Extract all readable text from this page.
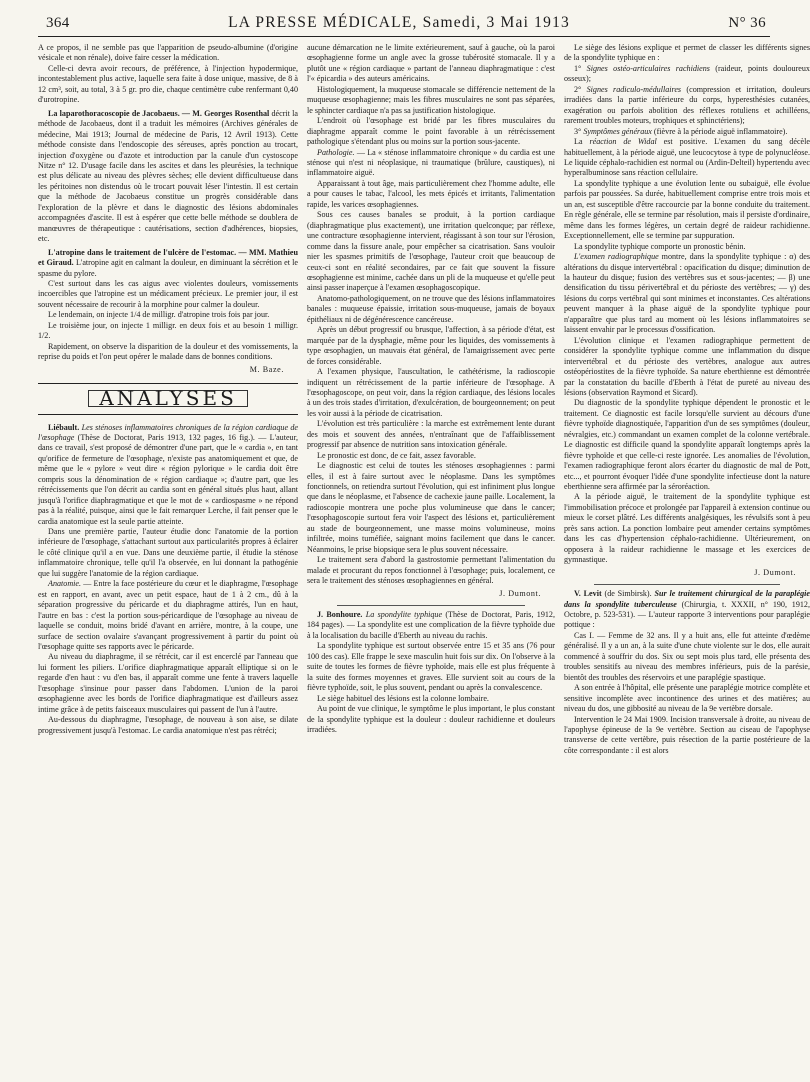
364	LA PRESSE MÉDICALE, Samedi, 3 Mai 1913	N° 36

A ce propos, il ne semble pas que l'apparition de pseudo-albumine (d'origine vésicale et non rénale), doive faire cesser la médication.

Celle-ci devra avoir recours, de préférence, à l'injection hypodermique, incontestablement plus active, laquelle sera faite à dose unique, massive, de 8 à 12 cm³, soit, au total, 3 à 5 gr. pro die, chaque centimètre cube renfermant 0,40 d'urotropine.

La laparothoracoscopie de Jacobaeus. — M. Georges Rosenthal décrit la méthode de Jacobaeus, dont il a traduit les mémoires (Archives générales de médecine, Mai 1913; Journal de médecine de Paris, 12 Avril 1913). Cette méthode consiste dans l'endoscopie des séreuses, après ponction au trocart, injection d'oxygène ou d'azote et introduction par la canule d'un cystoscope Nitze n° 12. D'usage facile dans les ascites et dans les pleurésies, la technique est plus délicate au niveau des plèvres sèches; elle devient difficultueuse dans les péritoines non distendus où le trocart pouvait léser l'intestin. Il est certain que la méthode de Jacobaeus constitue un progrès considérable dans l'exploration de la plèvre et dans le diagnostic des lésions abdominales accompagnées d'ascite. Il est à espérer que cette belle méthode se doublera de manœuvres de thérapeutique : cautérisations, section d'adhérences, biopsies, etc.

L'atropine dans le traitement de l'ulcère de l'estomac. — MM. Mathieu et Giraud. L'atropine agit en calmant la douleur, en diminuant la sécrétion et le spasme du pylore.

C'est surtout dans les cas aigus avec violentes douleurs, vomissements incoercibles que l'atropine est un médicament précieux. Le premier jour, il est souvent nécessaire de recourir à la morphine pour calmer la douleur.

Le lendemain, on injecte 1/4 de milligr. d'atropine trois fois par jour.

Le troisième jour, on injecte 1 milligr. en deux fois et au besoin 1 milligr. 1/2.

Rapidement, on observe la disparition de la douleur et des vomissements, la reprise du poids et l'on peut opérer le malade dans de bonnes conditions.

M. Baze.

ANALYSES

Liébault. Les sténoses inflammatoires chroniques de la région cardiaque de l'œsophage (Thèse de Doctorat, Paris 1913, 132 pages, 16 fig.). — L'auteur, dans ce travail, s'est proposé de démontrer d'une part, que le « cardia », en tant qu'orifice de fermeture de l'œsophage, n'existe pas anatomiquement et que, de même que le « pylore » veut dire « région pylorique » le cardia doit être compris sous la dénomination de « région cardiaque »; d'autre part, que les rétrécissements que l'on décrit au cardia sont en général situés plus haut, allant jusqu'à l'orifice diaphragmatique et que le mot de « cardiospasme » ne répond pas à la réalité, puisque, ainsi que le fait remarquer Lerche, il fait penser que le cardia anatomique est la seule partie atteinte.

Dans une première partie, l'auteur étudie donc l'anatomie de la portion inférieure de l'œsophage, s'attachant surtout aux particularités propres à éclairer le côté clinique qu'il a en vue. Dans une deuxième partie, il étudie la sténose inflammatoire chronique, telle qu'il l'a observée, en lui donnant la pathogénie que lui suggère l'anatomie de la région cardiaque.

Anatomie. — Entre la face postérieure du cœur et le diaphragme, l'œsophage est en rapport, en avant, avec un petit espace, haut de 1 à 2 cm., dû à la séparation progressive du péricarde et du diaphragme attirés, l'un en haut, l'autre en bas : c'est la portion sous-péricardique de l'œsophage au niveau de laquelle se conduit, moins bridé d'avant en arrière, montre, à la coupe, une surface de section ovalaire s'avançant progressivement à partir du point où l'œsophage quitte ses rapports avec le péricarde.

Au niveau du diaphragme, il se rétrécit, car il est encerclé par l'anneau que lui forment les piliers. L'orifice diaphragmatique apparaît elliptique si on le regarde d'en haut : vu d'en bas, il apparaît comme une fente à travers laquelle l'œsophage s'insinue pour passer dans l'abdomen. L'union de la paroi œsophagienne avec les bords de l'orifice diaphragmatique est d'ailleurs assez intime grâce à de petits faisceaux musculaires qui passent de l'un à l'autre.

Au-dessous du diaphragme, l'œsophage, de nouveau à son aise, se dilate progressivement jusqu'à l'estomac. Le cardia anatomique n'est pas rétréci;

aucune démarcation ne le limite extérieurement, sauf à gauche, où la paroi œsophagienne forme un angle avec la grosse tubérosité stomacale. Il y a plutôt une « région cardiaque » partant de l'anneau diaphragmatique : c'est l'« épicardia » des auteurs américains.

Histologiquement, la muqueuse stomacale se différencie nettement de la muqueuse œsophagienne; mais les fibres musculaires ne sont pas séparées, le sphincter cardiaque n'a pas sa justification histologique.

L'endroit où l'œsophage est bridé par les fibres musculaires du diaphragme apparaît comme le point favorable à un rétrécissement pathologique s'étendant plus ou moins sur la portion sous-jacente.

Pathologie. — La « sténose inflammatoire chronique » du cardia est une sténose qui n'est ni néoplasique, ni traumatique (brûlure, caustiques), ni inflammatoire aiguë.

Apparaissant à tout âge, mais particulièrement chez l'homme adulte, elle a pour causes le tabac, l'alcool, les mets épicés et irritants, l'alimentation rapide, les varices œsophagiennes.

Sous ces causes banales se produit, à la portion cardiaque (diaphragmatique plus exactement), une irritation quelconque; par réflexe, une contracture œsophagienne intervient, réagissant à son tour sur l'érosion, comme dans la fissure anale, pour empêcher sa cicatrisation. Sans vouloir nier les spasmes primitifs de l'œsophage, l'auteur croit que beaucoup de ceux-ci sont en réalité secondaires, par ce fait que souvent la fissure œsophagienne est minime, cachée dans un pli de la muqueuse et qu'elle peut ainsi passer inaperçue à l'examen œsophagoscopique.

Anatomo-pathologiquement, on ne trouve que des lésions inflammatoires banales : muqueuse épaissie, irritation sous-muqueuse, jamais de boyaux épithéliaux ni de dégénérescence cancéreuse.

Après un début progressif ou brusque, l'affection, à sa période d'état, est marquée par de la dysphagie, même pour les liquides, des vomissements à type œsophagien, un mauvais état général, de l'amaigrissement avec perte de forces considérable.

A l'examen physique, l'auscultation, le cathétérisme, la radioscopie indiquent un rétrécissement de la partie inférieure de l'œsophage. A l'œsophagoscope, on peut voir, dans la région cardiaque, des lésions locales à un des trois stades d'irritation, d'exulcération, de bourgeonnement; on peut les voir aussi à la période de cicatrisation.

L'évolution est très particulière : la marche est extrêmement lente durant des mois et souvent des années, n'entraînant que de l'affaiblissement progressif par absence de nutrition sans intoxication générale.

Le pronostic est donc, de ce fait, assez favorable.

Le diagnostic est celui de toutes les sténoses œsophagiennes : parmi elles, il est à faire surtout avec le néoplasme. Dans les symptômes fonctionnels, on retiendra surtout l'évolution, qui est infiniment plus longue que dans le néoplasme, et l'absence de cachexie jaune paille. Localement, la radioscopie montrera une poche plus volumineuse que dans le cancer; l'œsophagoscopie surtout fera voir l'aspect des lésions et, particulièrement au stade de bourgeonnement, une masse moins volumineuse, moins infiltrée, moins tuméfiée, saignant moins facilement que dans le cancer. Néanmoins, le prise biopsique sera le plus souvent nécessaire.

Le traitement sera d'abord la gastrostomie permettant l'alimentation du malade et procurant du repos fonctionnel à l'œsophage; puis, localement, ce sera le traitement des sténoses œsophagiennes en général.

J. Dumont.

J. Bonhoure. La spondylite typhique (Thèse de Doctorat, Paris, 1912, 184 pages). — La spondylite est une complication de la fièvre typhoïde due à la localisation du bacille d'Eberth au niveau du rachis.

La spondylite typhique est surtout observée entre 15 et 35 ans (76 pour 100 des cas). Elle frappe le sexe masculin huit fois sur dix. On l'observe à la suite de toutes les formes de fièvre typhoïde, mais elle est plus fréquente à la suite des formes moyennes et graves. Elle survient soit au cours de la fièvre typhoïde, soit, le plus souvent, pendant ou après la convalescence.

Le siège habituel des lésions est la colonne lombaire.

Au point de vue clinique, le symptôme le plus important, le plus constant de la spondylite typhique est la douleur : douleur rachidienne et douleurs irradiées.

Le siège des lésions explique et permet de classer les différents signes de la spondylite typhique en :

1° Signes ostéo-articulaires rachidiens (raideur, points douloureux osseux);

2° Signes radiculo-médullaires (compression et irritation, douleurs irradiées dans la partie inférieure du corps, hyperesthésies cutanées, exagération ou parfois abolition des réflexes rotuliens et achilléens, rarement troubles moteurs, trophiques et sphinctériens);

3° Symptômes généraux (fièvre à la période aiguë inflammatoire).

La réaction de Widal est positive. L'examen du sang décèle habituellement, à la période aiguë, une leucocytose à type de polynucléose. Le liquide céphalo-rachidien est normal ou (Ardin-Delteil) hypertendu avec hyperalbuminose sans réaction cellulaire.

La spondylite typhique a une évolution lente ou subaiguë, elle évolue parfois par poussées. Sa durée, habituellement comprise entre trois mois et un an, est susceptible d'être raccourcie par la bonne conduite du traitement. En règle générale, elle se termine par résolution, mais il persiste d'ordinaire, même dans les formes légères, un certain degré de raideur rachidienne. Exceptionnellement, elle se termine par suppuration.

La spondylite typhique comporte un pronostic bénin.

L'examen radiographique montre, dans la spondylite typhique : α) des altérations du disque intervertébral : opacification du disque; diminution de la hauteur du disque; fusion des vertèbres sus et sous-jacentes; — β) une densification du tissu périvertébral et du périoste des vertèbres; — γ) des lésions du corps vertébral qui sont minimes et inconstantes. Ces altérations peuvent manquer à la phase aiguë de la spondylite typhique pour n'apparaître que plus tard au moment où les lésions inflammatoires se laissent envahir par le processus d'ossification.

L'évolution clinique et l'examen radiographique permettent de considérer la spondylite typhique comme une inflammation du disque intervertébral et du périoste des vertèbres, analogue aux autres ostéopériostites de la fièvre typhoïde. Sa nature eberthienne est démontrée par la constatation du bacille d'Eberth à l'état de pureté au niveau des lésions (observation Raymond et Sicard).

Du diagnostic de la spondylite typhique dépendent le pronostic et le traitement. Ce diagnostic est facile lorsqu'elle survient au décours d'une fièvre typhoïde diagnostiquée, l'apparition d'un de ses symptômes (douleur, névralgies, etc.) commandant un examen complet de la colonne vertébrale. Le diagnostic est difficile quand la spondylite apparaît longtemps après la fièvre typhoïde et que celle-ci reste ignorée. Les anomalies de l'évolution, l'examen radiographique feront alors écarter du diagnostic de mal de Pott, etc..., et pourront évoquer l'idée d'une spondylite infectieuse dont la nature eberthienne sera affirmée par la séroréaction.

A la période aiguë, le traitement de la spondylite typhique est l'immobilisation précoce et prolongée par l'appareil à extension continue ou mieux le corset plâtré. Les différents analgésiques, les révulsifs sont à peu près sans action. La ponction lombaire peut amender certains symptômes dans les cas d'hypertension céphalo-rachidienne. Ultérieurement, on opposera à la raideur rachidienne le massage et les exercices de gymnastique.

J. Dumont.

V. Levit (de Simbirsk). Sur le traitement chirurgical de la paraplégie dans la spondylite tuberculeuse (Chirurgia, t. XXXII, n° 190, 1912, Octobre, p. 523-531). — L'auteur rapporte 3 interventions pour paraplégie pottique :

Cas I. — Femme de 32 ans. Il y a huit ans, elle fut atteinte d'œdème généralisé. Il y a un an, à la suite d'une chute violente sur le dos, elle aurait commencé à souffrir du dos. Six ou sept mois plus tard, elle présenta des troubles sensitifs au niveau des membres inférieurs, puis de la parésie, bientôt des troubles des réservoirs et une paraplégie spastique.

A son entrée à l'hôpital, elle présente une paraplégie motrice complète et sensitive incomplète avec incontinence des urines et des matières; au niveau du dos, une gibbosité au niveau de la 9e vertèbre dorsale.

Intervention le 24 Mai 1909. Incision transversale à droite, au niveau de l'apophyse épineuse de la 9e vertèbre. Section au ciseau de l'apophyse transverse de cette vertèbre, puis résection de la partie postérieure de la côte correspondante : il est alors
